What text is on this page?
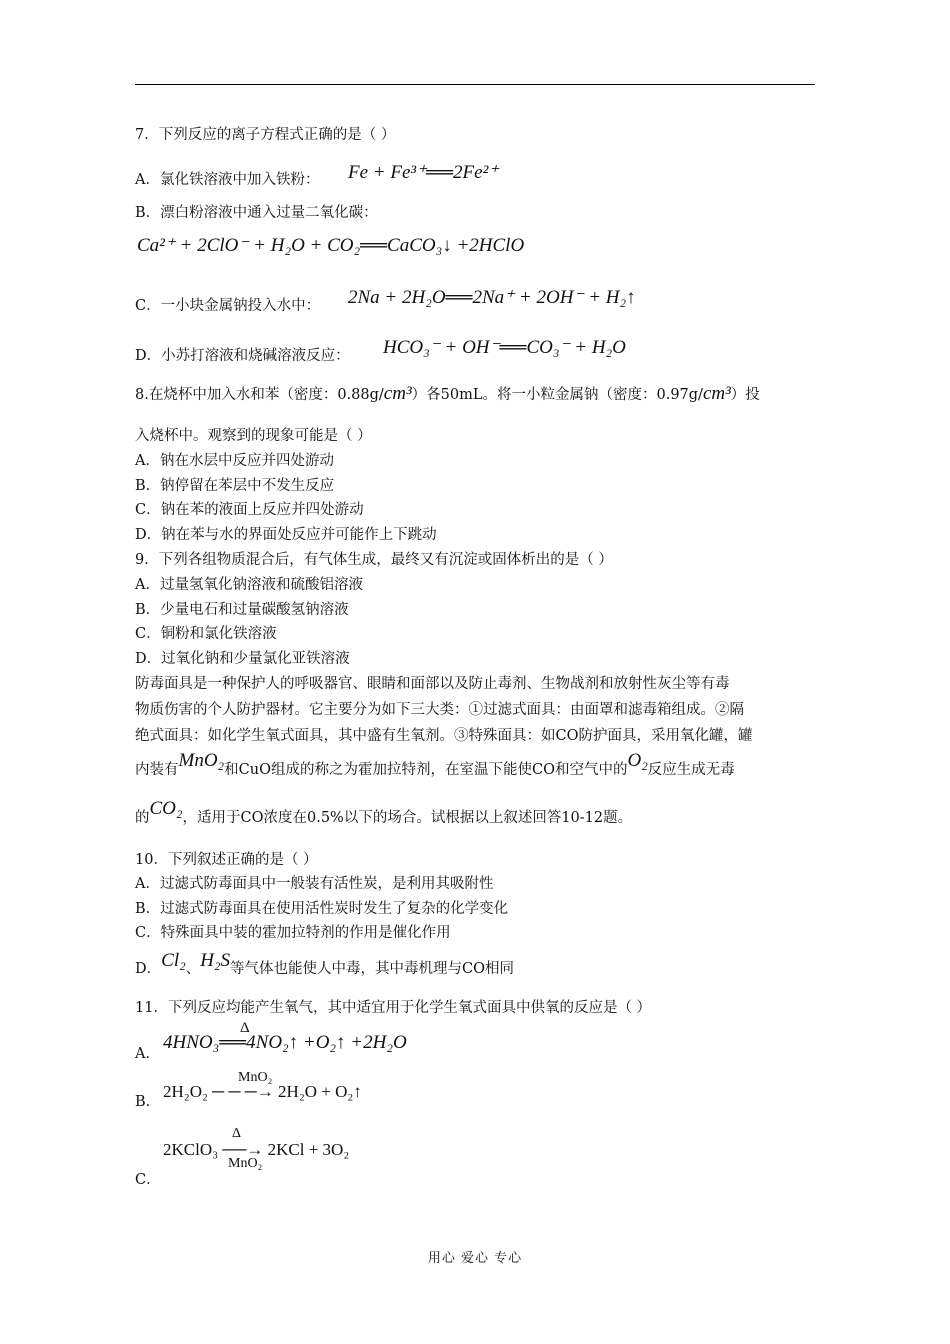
7．下列反应的离子方程式正确的是（ ）
A．氯化铁溶液中加入铁粉： Fe + Fe³⁺══2Fe²⁺
B．漂白粉溶液中通入过量二氧化碳：
Ca²⁺ + 2ClO⁻ + H₂O + CO₂══CaCO₃↓ +2HClO
C．一小块金属钠投入水中： 2Na + 2H₂O══2Na⁺ + 2OH⁻ + H₂↑
D．小苏打溶液和烧碱溶液反应： HCO₃⁻ + OH⁻══CO₃⁻ + H₂O
8.在烧杯中加入水和苯（密度：0.88g/cm³）各50mL。将一小粒金属钠（密度：0.97g/cm³）投
入烧杯中。观察到的现象可能是（ ）
A．钠在水层中反应并四处游动
B．钠停留在苯层中不发生反应
C．钠在苯的液面上反应并四处游动
D．钠在苯与水的界面处反应并可能作上下跳动
9．下列各组物质混合后，有气体生成，最终又有沉淀或固体析出的是（ ）
A．过量氢氧化钠溶液和硫酸铝溶液
B．少量电石和过量碳酸氢钠溶液
C．铜粉和氯化铁溶液
D．过氧化钠和少量氯化亚铁溶液
防毒面具是一种保护人的呼吸器官、眼睛和面部以及防止毒剂、生物战剂和放射性灰尘等有毒
物质伤害的个人防护器材。它主要分为如下三大类：①过滤式面具：由面罩和滤毒箱组成。②隔
绝式面具：如化学生氧式面具，其中盛有生氧剂。③特殊面具：如CO防护面具，采用氧化罐，罐
内装有MnO₂和CuO组成的称之为霍加拉特剂，在室温下能使CO和空气中的O₂反应生成无毒
的CO₂，适用于CO浓度在0.5%以下的场合。试根据以上叙述回答10-12题。
10．下列叙述正确的是（ ）
A．过滤式防毒面具中一般装有活性炭，是利用其吸附性
B．过滤式防毒面具在使用活性炭时发生了复杂的化学变化
C．特殊面具中装的霍加拉特剂的作用是催化作用
D．Cl₂、H₂S等气体也能使人中毒，其中毒机理与CO相同
11．下列反应均能产生氧气，其中适宜用于化学生氧式面具中供氧的反应是（ ）
A．
Δ
4HNO₃══4NO₂↑ +O₂↑ +2H₂O
B．
MnO₂
2H₂O₂ ─ ─ ─→ 2H₂O + O₂↑
Δ
2KClO₃ ──→ 2KCl + 3O₂
MnO₂
C．
用心 爱心 专心
